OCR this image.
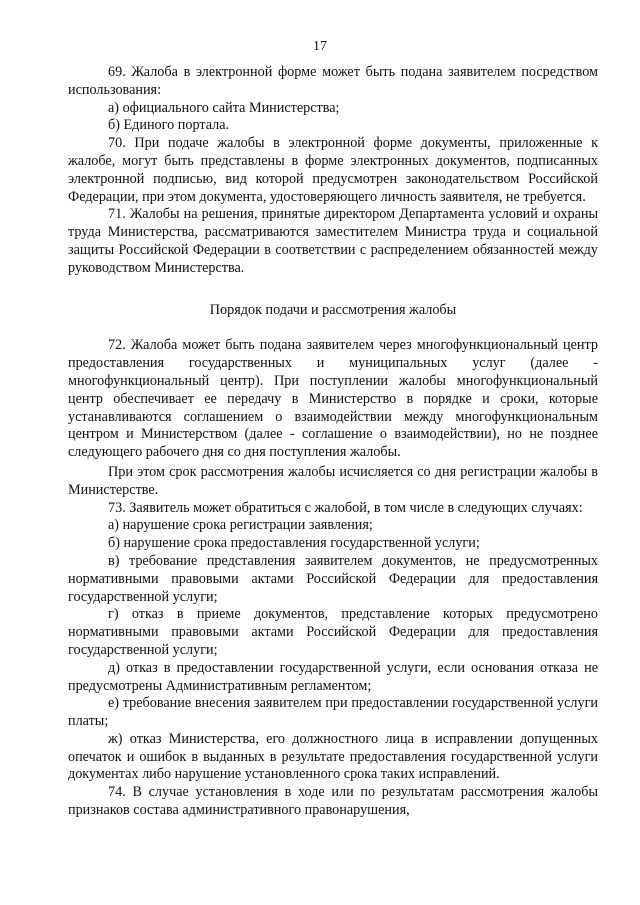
17

69. Жалоба в электронной форме может быть подана заявителем посредством использования:

а) официального сайта Министерства;

б) Единого портала.

70. При подаче жалобы в электронной форме документы, приложенные к жалобе, могут быть представлены в форме электронных документов, подписанных электронной подписью, вид которой предусмотрен законодательством Российской Федерации, при этом документа, удостоверяющего личность заявителя, не требуется.

71. Жалобы на решения, принятые директором Департамента условий и охраны труда Министерства, рассматриваются заместителем Министра труда и социальной защиты Российской Федерации в соответствии с распределением обязанностей между руководством Министерства.

Порядок подачи и рассмотрения жалобы

72. Жалоба может быть подана заявителем через многофункциональный центр предоставления государственных и муниципальных услуг (далее - многофункциональный центр). При поступлении жалобы многофункциональный центр обеспечивает ее передачу в Министерство в порядке и сроки, которые устанавливаются соглашением о взаимодействии между многофункциональным центром и Министерством (далее - соглашение о взаимодействии), но не позднее следующего рабочего дня со дня поступления жалобы.

При этом срок рассмотрения жалобы исчисляется со дня регистрации жалобы в Министерстве.

73. Заявитель может обратиться с жалобой, в том числе в следующих случаях:

а) нарушение срока регистрации заявления;

б) нарушение срока предоставления государственной услуги;

в) требование представления заявителем документов, не предусмотренных нормативными правовыми актами Российской Федерации для предоставления государственной услуги;

г) отказ в приеме документов, представление которых предусмотрено нормативными правовыми актами Российской Федерации для предоставления государственной услуги;

д) отказ в предоставлении государственной услуги, если основания отказа не предусмотрены Административным регламентом;

е) требование внесения заявителем при предоставлении государственной услуги платы;

ж) отказ Министерства, его должностного лица в исправлении допущенных опечаток и ошибок в выданных в результате предоставления государственной услуги документах либо нарушение установленного срока таких исправлений.

74. В случае установления в ходе или по результатам рассмотрения жалобы признаков состава административного правонарушения,
